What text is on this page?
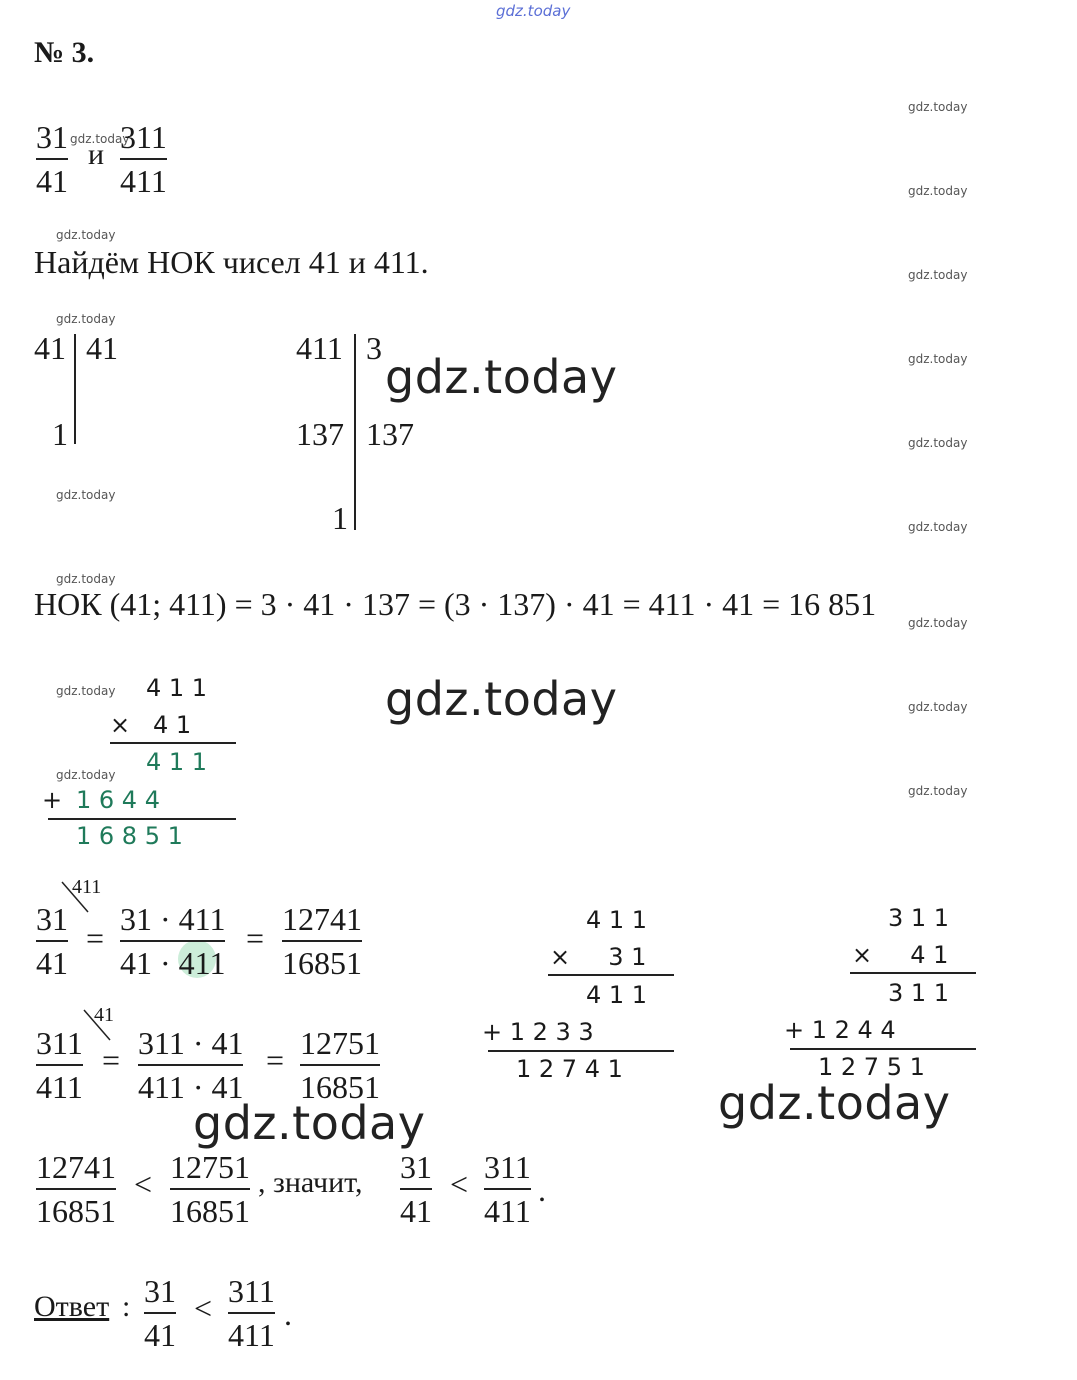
gdz.today
gdz.today
gdz.today
gdz.today
gdz.today
gdz.today
gdz.today
gdz.today
gdz.today
gdz.today
gdz.today
gdz.today
gdz.today
gdz.today
gdz.today
gdz.today
gdz.today
gdz.today
gdz.today
gdz.today	gdz.today
№ 3.
31
41
и 311
411
Найдём НОК чисел 41 и 411.
41
1
41	411
137
1
3
137
НОК (41; 411) = 3 · 41 · 137 = (3 · 137) · 41 = 411 · 41 = 16 851
4 1 1
×   4 1
4 1 1
+ 1 6 4 4
1 6 8 5 1
411
31
41
=
31 · 411
41 · 411
=
12741
16851
4 1 1
×     3 1
4 1 1
+ 1 2 3 3
1 2 7 4 1
3 1 1
×     4 1
3 1 1
+ 1 2 4 4
1 2 7 5 1
41
311
411
= 311 · 41
411 · 41
= 12751
16851
12741
16851
< 12751
16851
, значит, 31
41
< 311
411
.
Ответ : 31
41
< 311
411
.
